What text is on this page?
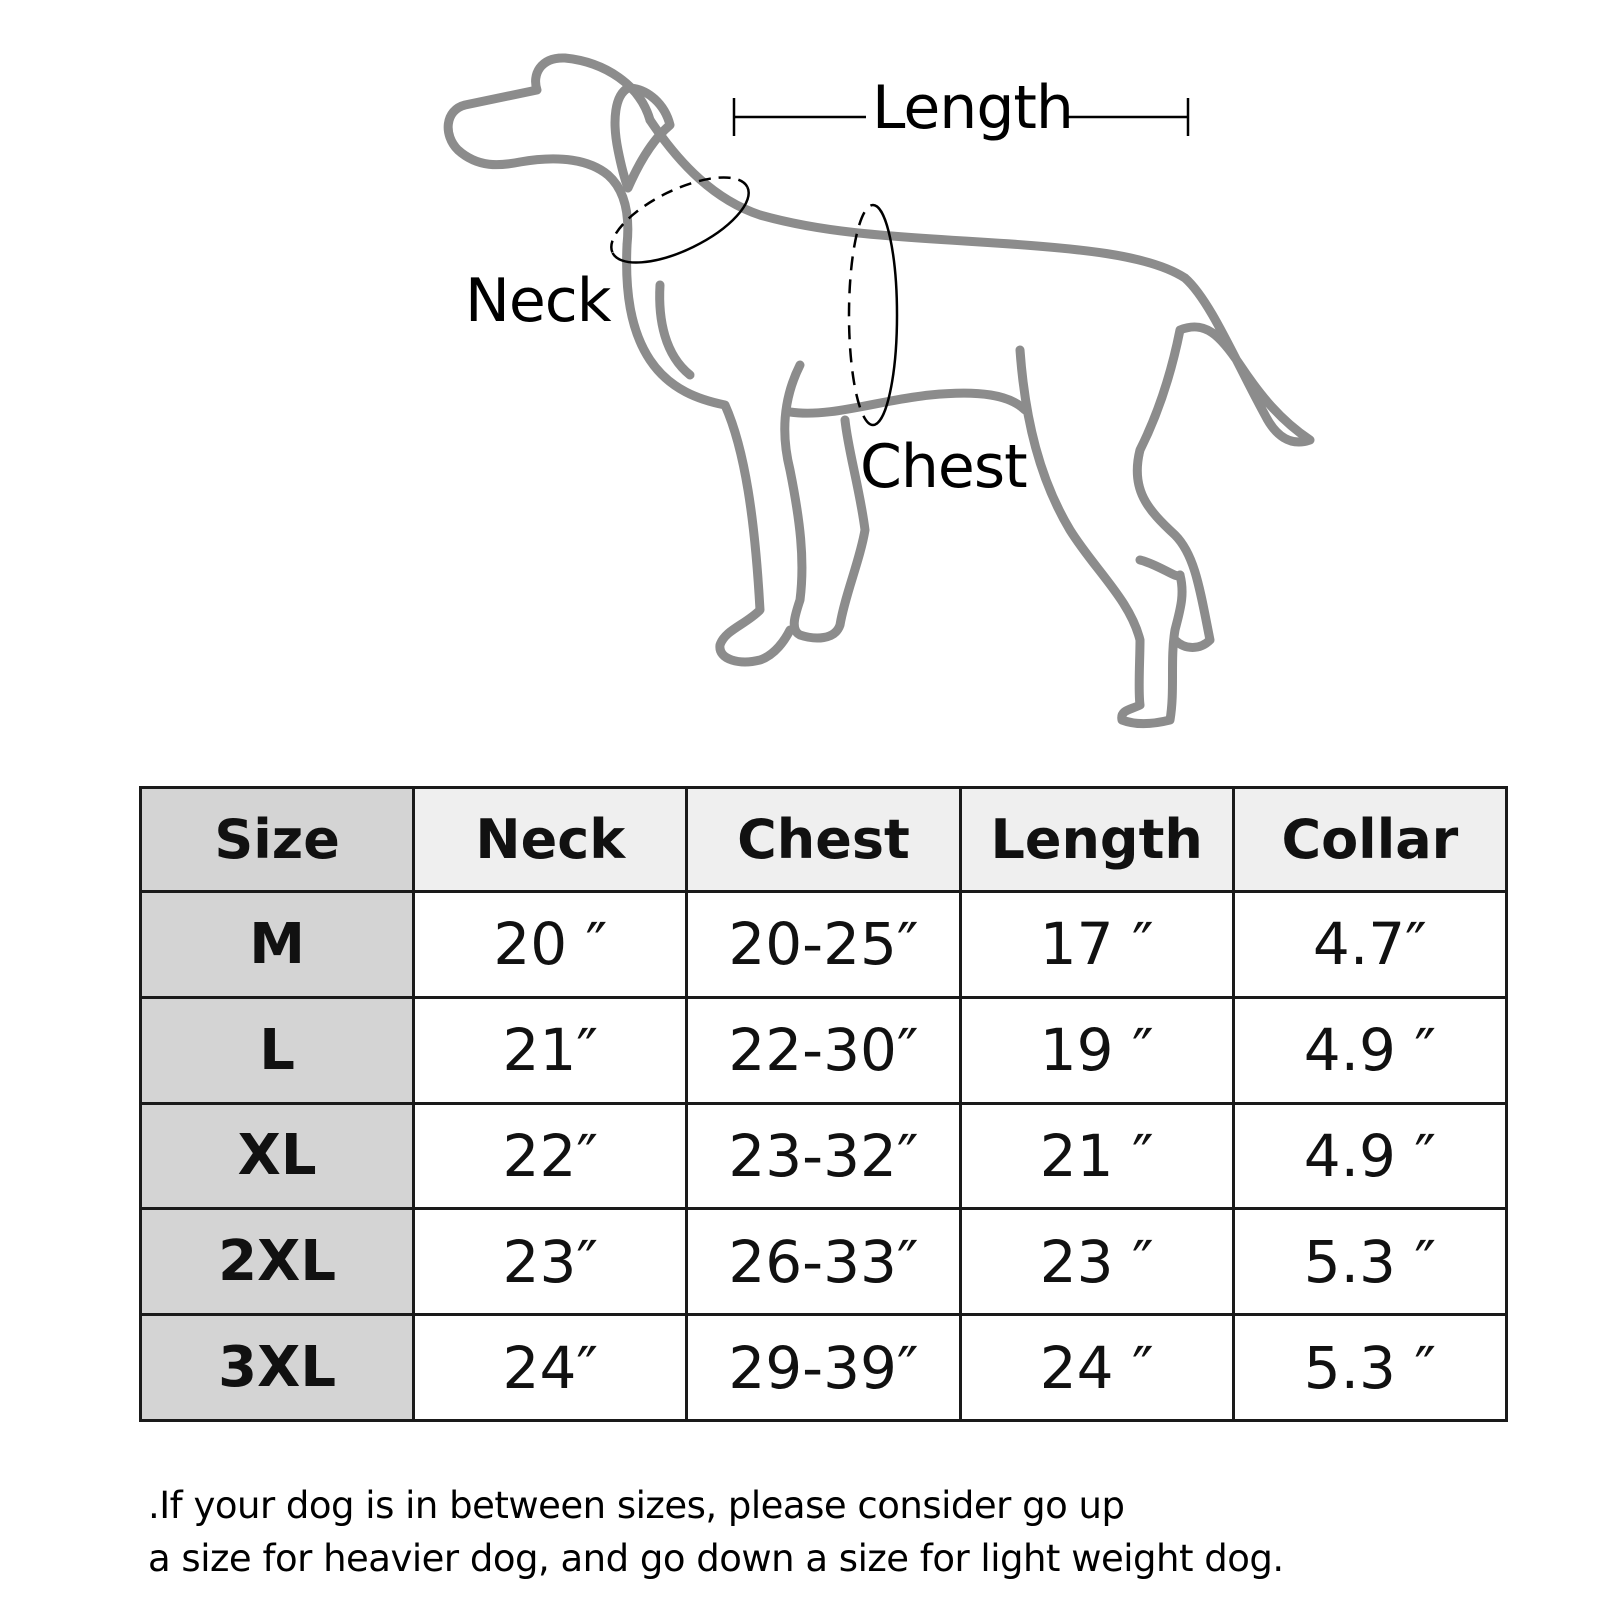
Length
Neck
Chest
Size	Neck	Chest	Length	Collar
M	20 ″	20-25″	17 ″	4.7″
L	21″	22-30″	19 ″	4.9 ″
XL	22″	23-32″	21 ″	4.9 ″
2XL	23″	26-33″	23 ″	5.3 ″
3XL	24″	29-39″	24 ″	5.3 ″
.If your dog is in between sizes, please consider go up
a size for heavier dog, and go down a size for light weight dog.
